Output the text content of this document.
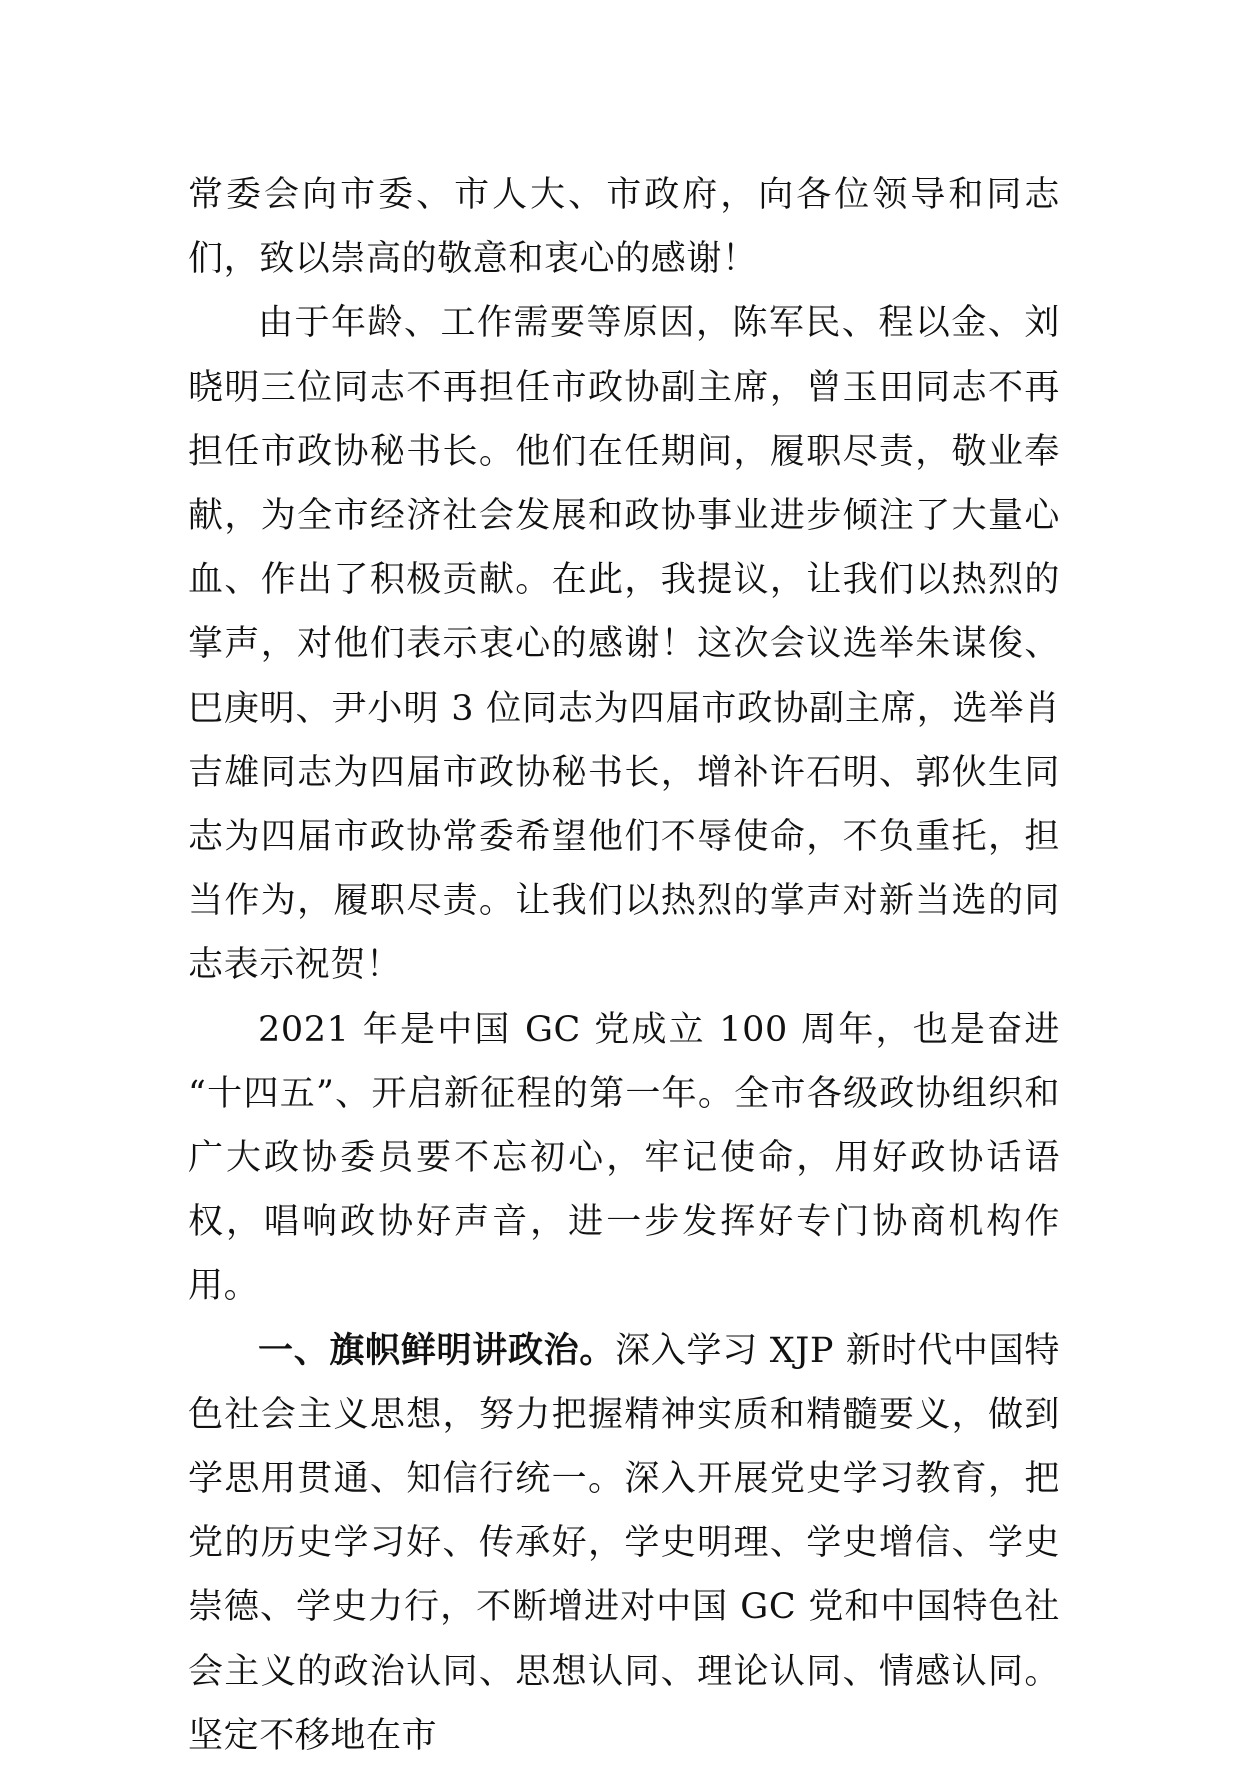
常委会向市委、市人大、市政府，向各位领导和同志们，致以崇高的敬意和衷心的感谢！

由于年龄、工作需要等原因，陈军民、程以金、刘晓明三位同志不再担任市政协副主席，曾玉田同志不再担任市政协秘书长。他们在任期间，履职尽责，敬业奉献，为全市经济社会发展和政协事业进步倾注了大量心血、作出了积极贡献。在此，我提议，让我们以热烈的掌声，对他们表示衷心的感谢！这次会议选举朱谋俊、巴庚明、尹小明 3 位同志为四届市政协副主席，选举肖吉雄同志为四届市政协秘书长，增补许石明、郭伙生同志为四届市政协常委希望他们不辱使命，不负重托，担当作为，履职尽责。让我们以热烈的掌声对新当选的同志表示祝贺！

2021 年是中国 GC 党成立 100 周年，也是奋进 “十四五”、开启新征程的第一年。全市各级政协组织和广大政协委员要不忘初心，牢记使命，用好政协话语权，唱响政协好声音，进一步发挥好专门协商机构作用。

一、旗帜鲜明讲政治。深入学习 XJP 新时代中国特色社会主义思想，努力把握精神实质和精髓要义，做到学思用贯通、知信行统一。深入开展党史学习教育，把党的历史学习好、传承好，学史明理、学史增信、学史崇德、学史力行，不断增进对中国 GC 党和中国特色社会主义的政治认同、思想认同、理论认同、情感认同。坚定不移地在市
